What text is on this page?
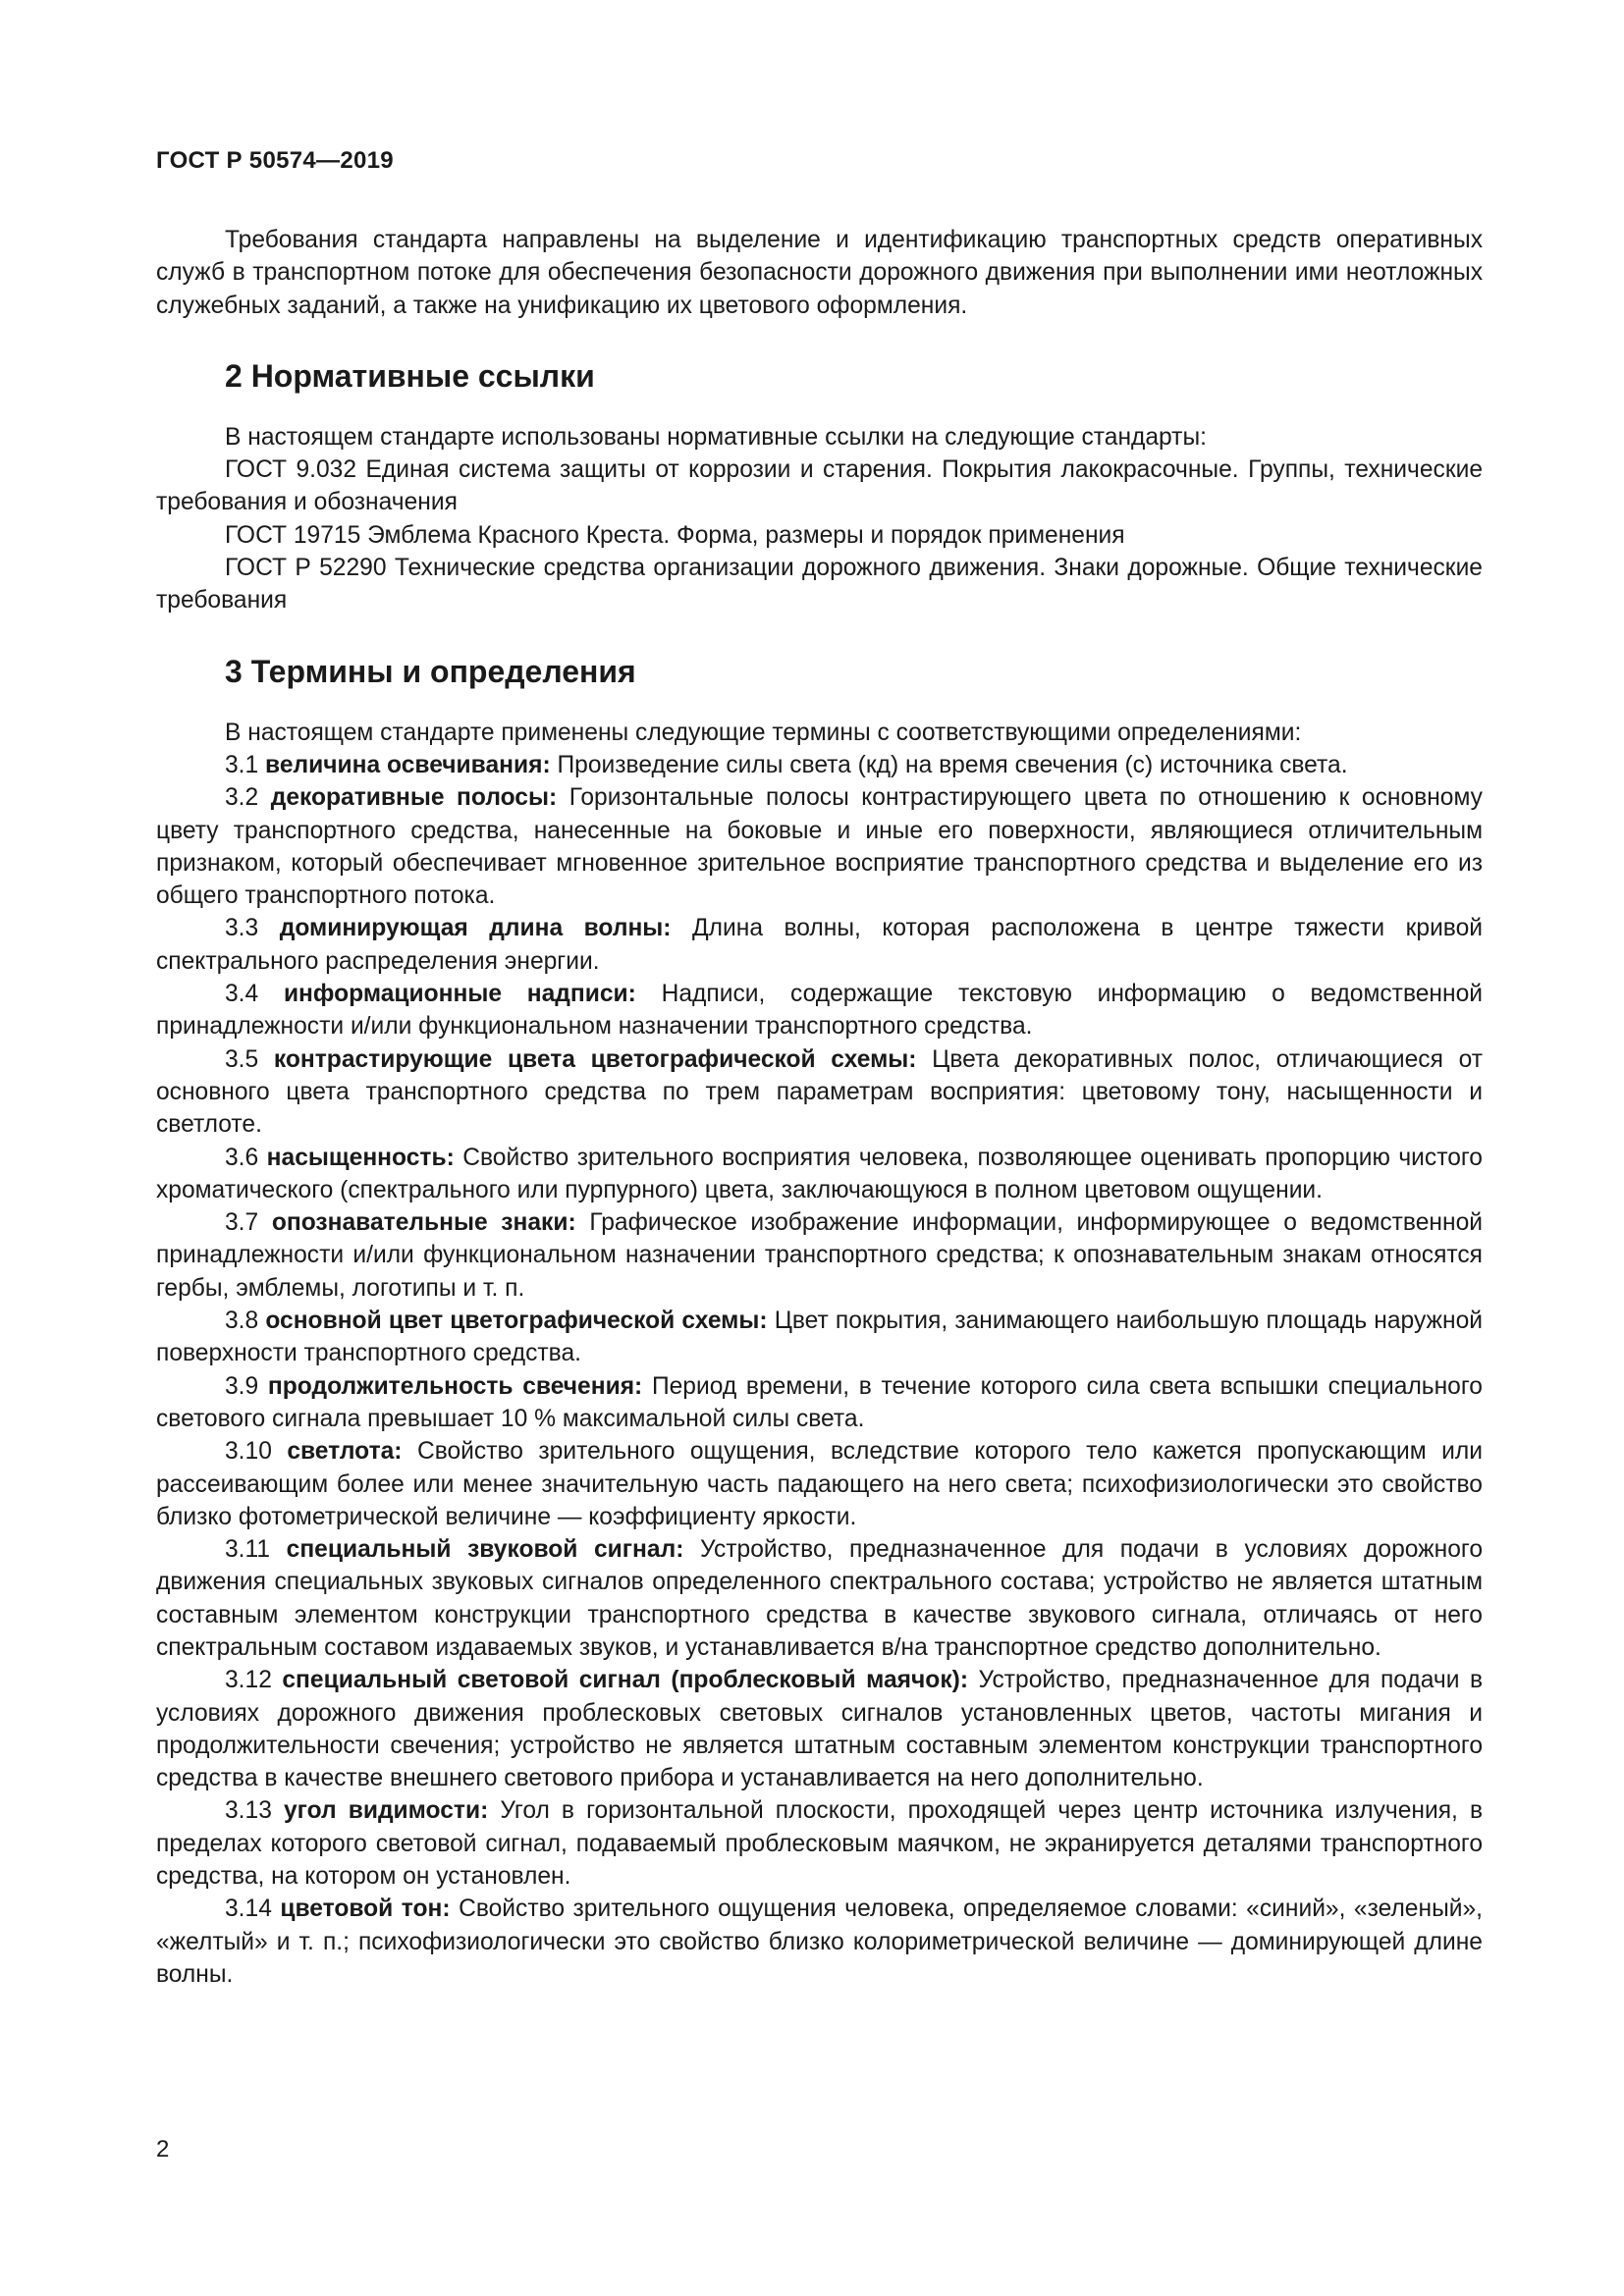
ГОСТ Р 50574—2019

Требования стандарта направлены на выделение и идентификацию транспортных средств оперативных служб в транспортном потоке для обеспечения безопасности дорожного движения при выполнении ими неотложных служебных заданий, а также на унификацию их цветового оформления.

2 Нормативные ссылки

В настоящем стандарте использованы нормативные ссылки на следующие стандарты:

ГОСТ 9.032 Единая система защиты от коррозии и старения. Покрытия лакокрасочные. Группы, технические требования и обозначения

ГОСТ 19715 Эмблема Красного Креста. Форма, размеры и порядок применения

ГОСТ Р 52290 Технические средства организации дорожного движения. Знаки дорожные. Общие технические требования

3 Термины и определения

В настоящем стандарте применены следующие термины с соответствующими определениями:

3.1 величина освечивания: Произведение силы света (кд) на время свечения (с) источника света.

3.2 декоративные полосы: Горизонтальные полосы контрастирующего цвета по отношению к основному цвету транспортного средства, нанесенные на боковые и иные его поверхности, являющиеся отличительным признаком, который обеспечивает мгновенное зрительное восприятие транспортного средства и выделение его из общего транспортного потока.

3.3 доминирующая длина волны: Длина волны, которая расположена в центре тяжести кривой спектрального распределения энергии.

3.4 информационные надписи: Надписи, содержащие текстовую информацию о ведомственной принадлежности и/или функциональном назначении транспортного средства.

3.5 контрастирующие цвета цветографической схемы: Цвета декоративных полос, отличающиеся от основного цвета транспортного средства по трем параметрам восприятия: цветовому тону, насыщенности и светлоте.

3.6 насыщенность: Свойство зрительного восприятия человека, позволяющее оценивать пропорцию чистого хроматического (спектрального или пурпурного) цвета, заключающуюся в полном цветовом ощущении.

3.7 опознавательные знаки: Графическое изображение информации, информирующее о ведомственной принадлежности и/или функциональном назначении транспортного средства; к опознавательным знакам относятся гербы, эмблемы, логотипы и т. п.

3.8 основной цвет цветографической схемы: Цвет покрытия, занимающего наибольшую площадь наружной поверхности транспортного средства.

3.9 продолжительность свечения: Период времени, в течение которого сила света вспышки специального светового сигнала превышает 10 % максимальной силы света.

3.10 светлота: Свойство зрительного ощущения, вследствие которого тело кажется пропускающим или рассеивающим более или менее значительную часть падающего на него света; психофизиологически это свойство близко фотометрической величине — коэффициенту яркости.

3.11 специальный звуковой сигнал: Устройство, предназначенное для подачи в условиях дорожного движения специальных звуковых сигналов определенного спектрального состава; устройство не является штатным составным элементом конструкции транспортного средства в качестве звукового сигнала, отличаясь от него спектральным составом издаваемых звуков, и устанавливается в/на транспортное средство дополнительно.

3.12 специальный световой сигнал (проблесковый маячок): Устройство, предназначенное для подачи в условиях дорожного движения проблесковых световых сигналов установленных цветов, частоты мигания и продолжительности свечения; устройство не является штатным составным элементом конструкции транспортного средства в качестве внешнего светового прибора и устанавливается на него дополнительно.

3.13 угол видимости: Угол в горизонтальной плоскости, проходящей через центр источника излучения, в пределах которого световой сигнал, подаваемый проблесковым маячком, не экранируется деталями транспортного средства, на котором он установлен.

3.14 цветовой тон: Свойство зрительного ощущения человека, определяемое словами: «синий», «зеленый», «желтый» и т. п.; психофизиологически это свойство близко колориметрической величине — доминирующей длине волны.

2
